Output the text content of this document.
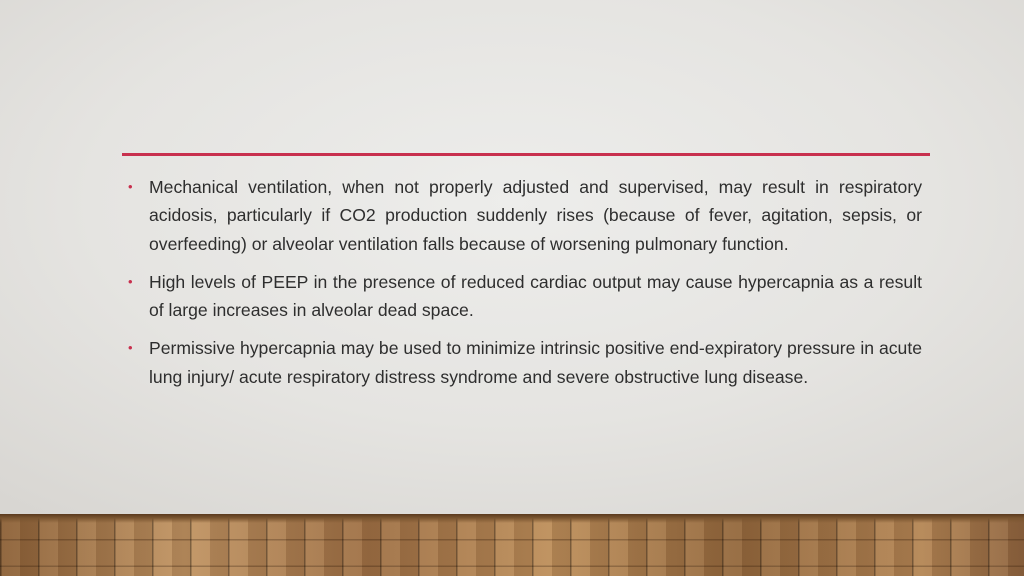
• Mechanical ventilation, when not properly adjusted and supervised, may result in respiratory acidosis, particularly if CO2 production suddenly rises (because of fever, agitation, sepsis, or overfeeding) or alveolar ventilation falls because of worsening pulmonary function.
• High levels of PEEP in the presence of reduced cardiac output may cause hypercapnia as a result of large increases in alveolar dead space.
• Permissive hypercapnia may be used to minimize intrinsic positive end-expiratory pressure in acute lung injury/ acute respiratory distress syndrome and severe obstructive lung disease.
